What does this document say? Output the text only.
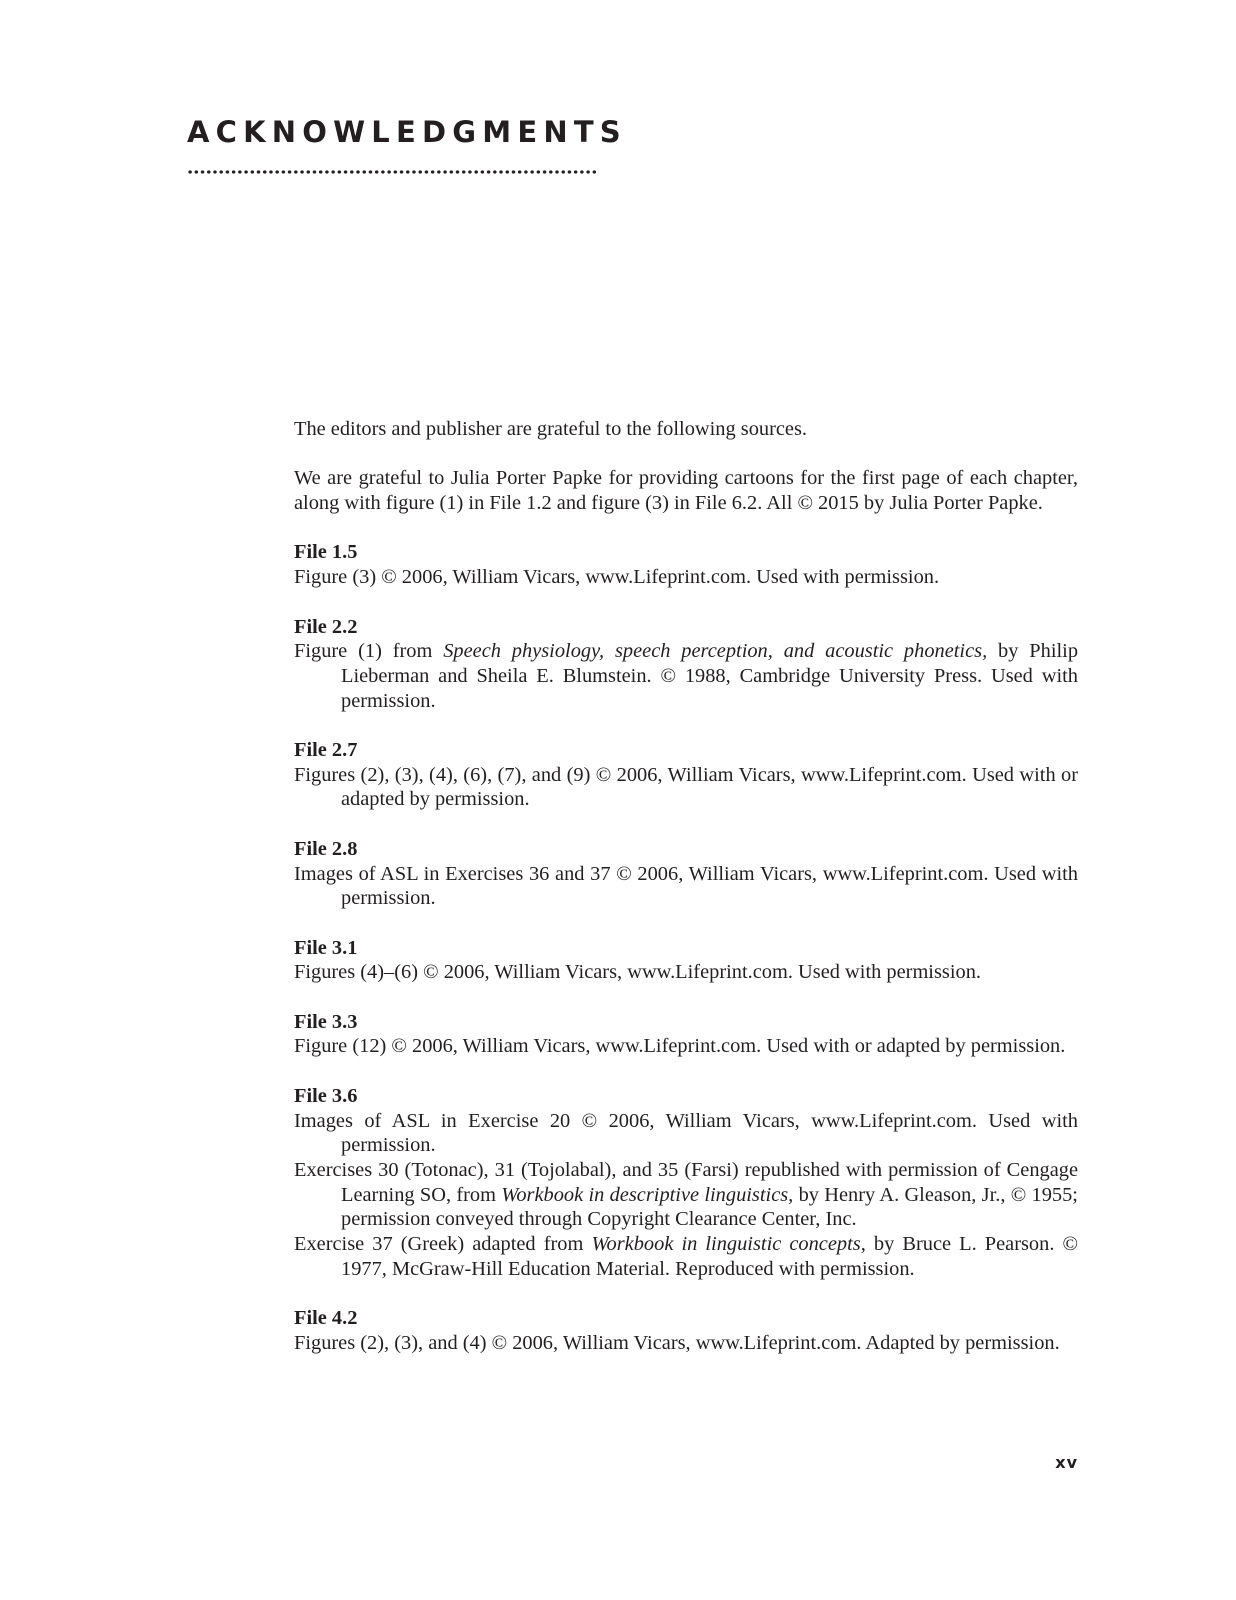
ACKNOWLEDGMENTS

The editors and publisher are grateful to the following sources.

We are grateful to Julia Porter Papke for providing cartoons for the first page of each chapter, along with figure (1) in File 1.2 and figure (3) in File 6.2. All © 2015 by Julia Porter Papke.

File 1.5

Figure (3) © 2006, William Vicars, www.Lifeprint.com. Used with permission.

File 2.2

Figure (1) from Speech physiology, speech perception, and acoustic phonetics, by Philip Lieberman and Sheila E. Blumstein. © 1988, Cambridge University Press. Used with permission.

File 2.7

Figures (2), (3), (4), (6), (7), and (9) © 2006, William Vicars, www.Lifeprint.com. Used with or adapted by permission.

File 2.8

Images of ASL in Exercises 36 and 37 © 2006, William Vicars, www.Lifeprint.com. Used with permission.

File 3.1

Figures (4)–(6) © 2006, William Vicars, www.Lifeprint.com. Used with permission.

File 3.3

Figure (12) © 2006, William Vicars, www.Lifeprint.com. Used with or adapted by permission.

File 3.6

Images of ASL in Exercise 20 © 2006, William Vicars, www.Lifeprint.com. Used with permission.

Exercises 30 (Totonac), 31 (Tojolabal), and 35 (Farsi) republished with permission of Cengage Learning SO, from Workbook in descriptive linguistics, by Henry A. Gleason, Jr., © 1955; permission conveyed through Copyright Clearance Center, Inc.

Exercise 37 (Greek) adapted from Workbook in linguistic concepts, by Bruce L. Pearson. © 1977, McGraw-Hill Education Material. Reproduced with permission.

File 4.2

Figures (2), (3), and (4) © 2006, William Vicars, www.Lifeprint.com. Adapted by permission.

xv
